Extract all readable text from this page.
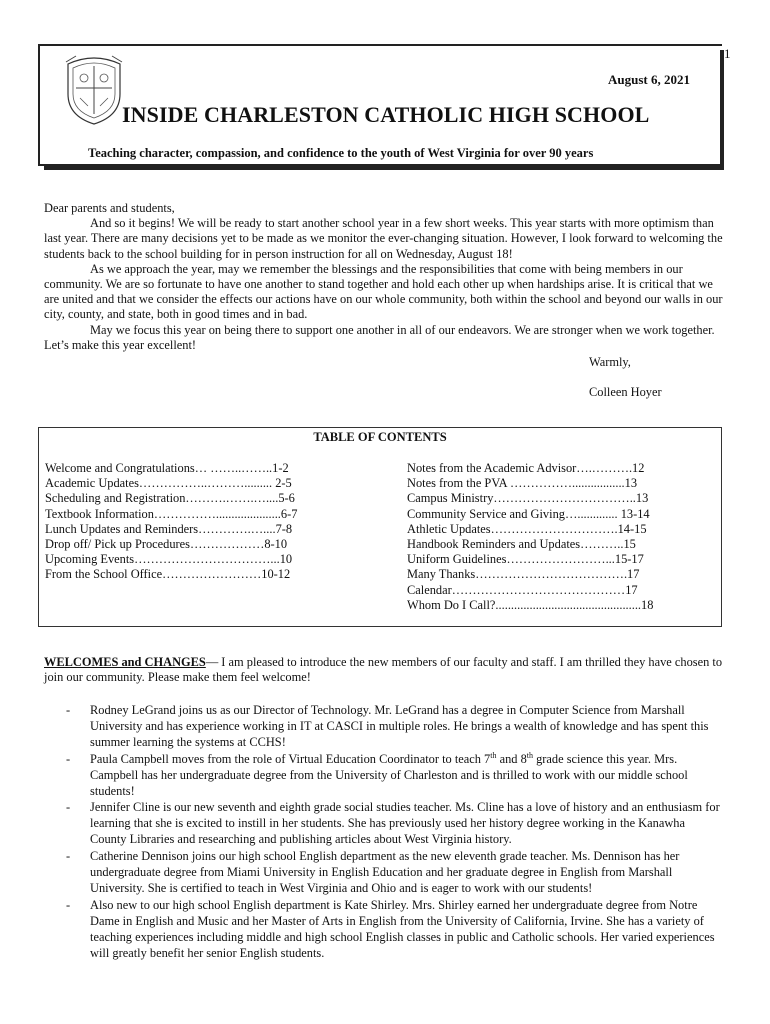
1
August 6, 2021
INSIDE CHARLESTON CATHOLIC HIGH SCHOOL
Teaching character, compassion, and confidence to the youth of West Virginia for over 90 years

Dear parents and students,

And so it begins! We will be ready to start another school year in a few short weeks. This year starts with more optimism than last year. There are many decisions yet to be made as we monitor the ever-changing situation. However, I look forward to welcoming the students back to the school building for in person instruction for all on Wednesday, August 18!

As we approach the year, may we remember the blessings and the responsibilities that come with being members in our community. We are so fortunate to have one another to stand together and hold each other up when hardships arise. It is critical that we are united and that we consider the effects our actions have on our whole community, both within the school and beyond our walls in our city, county, and state, both in good times and in bad.

May we focus this year on being there to support one another in all of our endeavors. We are stronger when we work together. Let’s make this year excellent!

Warmly,

Colleen Hoyer

TABLE OF CONTENTS
Welcome and Congratulations… ……..……..1-2
Academic Updates……………..………......... 2-5
Scheduling and Registration……….…….…....5-6
Textbook Information…………….....................6-7
Lunch Updates and Reminders………….…....7-8
Drop off/ Pick up Procedures………………8-10
Upcoming Events……………………………...10
From the School Office……………………10-12
Notes from the Academic Advisor….……….12
Notes from the PVA …………….................13
Campus Ministry……………………………..13
Community Service and Giving…............. 13-14
Athletic Updates………………………….14-15
Handbook Reminders and Updates………..15
Uniform Guidelines……………………...15-17
Many Thanks……………………………….17
Calendar……………………………………17
Whom Do I Call?...............................................18
WELCOMES and CHANGES— I am pleased to introduce the new members of our faculty and staff. I am thrilled they have chosen to join our community. Please make them feel welcome!
- Rodney LeGrand joins us as our Director of Technology. Mr. LeGrand has a degree in Computer Science from Marshall University and has experience working in IT at CASCI in multiple roles. He brings a wealth of knowledge and has spent this summer learning the systems at CCHS!
- Paula Campbell moves from the role of Virtual Education Coordinator to teach 7th and 8th grade science this year. Mrs. Campbell has her undergraduate degree from the University of Charleston and is thrilled to work with our middle school students!
- Jennifer Cline is our new seventh and eighth grade social studies teacher. Ms. Cline has a love of history and an enthusiasm for learning that she is excited to instill in her students. She has previously used her history degree working in the Kanawha County Libraries and researching and publishing articles about West Virginia history.
- Catherine Dennison joins our high school English department as the new eleventh grade teacher. Ms. Dennison has her undergraduate degree from Miami University in English Education and her graduate degree in English from Marshall University. She is certified to teach in West Virginia and Ohio and is eager to work with our students!
- Also new to our high school English department is Kate Shirley. Mrs. Shirley earned her undergraduate degree from Notre Dame in English and Music and her Master of Arts in English from the University of California, Irvine. She has a variety of teaching experiences including middle and high school English classes in public and Catholic schools. Her varied experiences will greatly benefit her senior English students.
